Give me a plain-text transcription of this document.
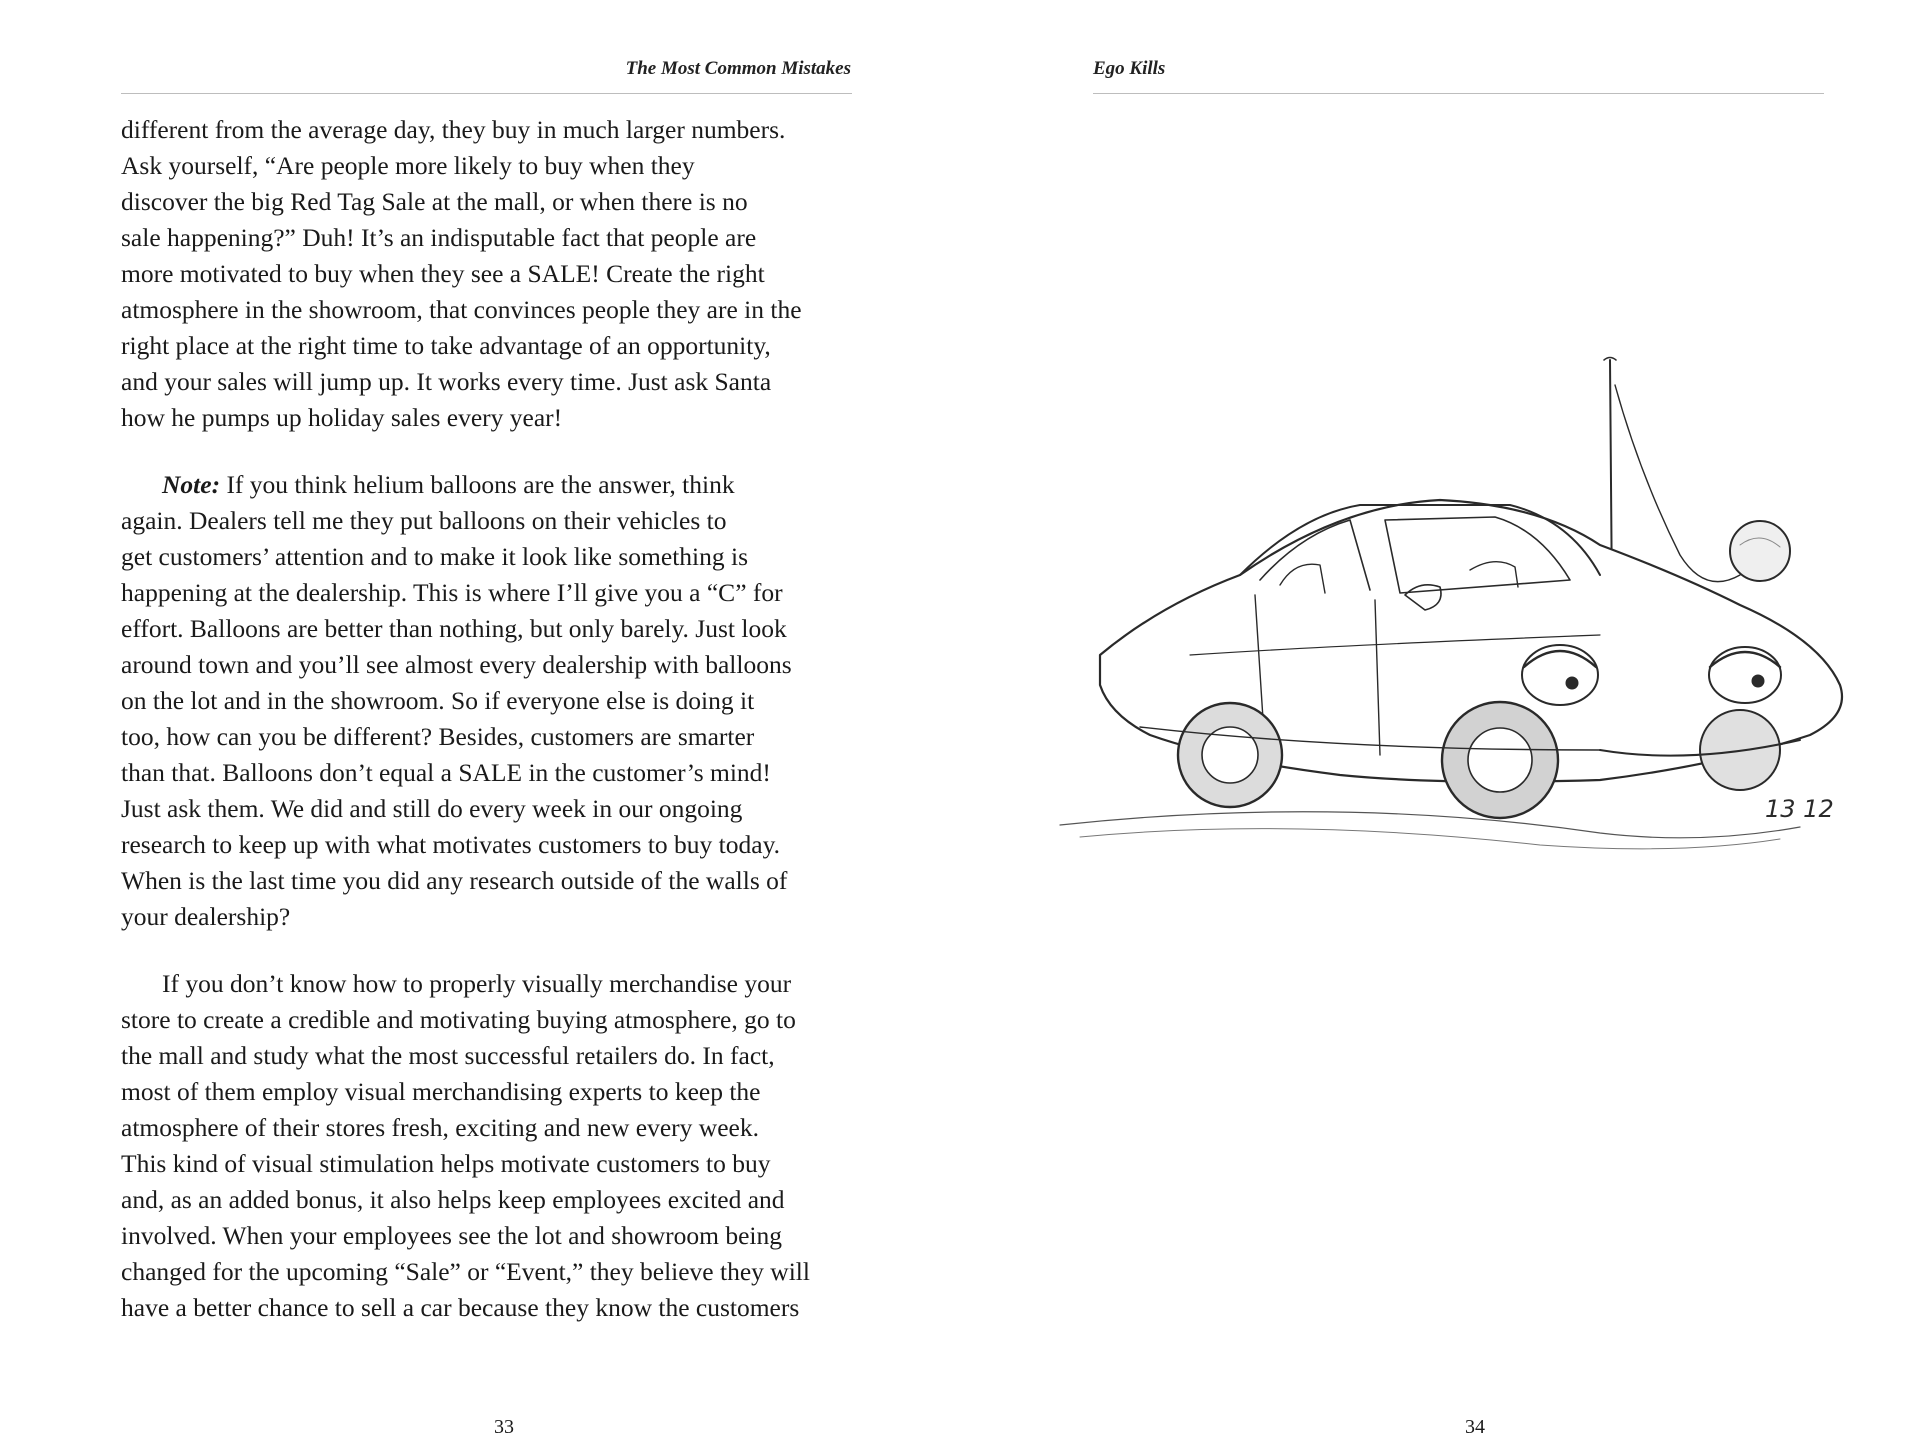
The Most Common Mistakes

different from the average day, they buy in much larger numbers.

Ask yourself, “Are people more likely to buy when they

discover the big Red Tag Sale at the mall, or when there is no

sale happening?” Duh! It’s an indisputable fact that people are

more motivated to buy when they see a SALE! Create the right

atmosphere in the showroom, that convinces people they are in the

right place at the right time to take advantage of an opportunity,

and your sales will jump up. It works every time. Just ask Santa

how he pumps up holiday sales every year!

Note: If you think helium balloons are the answer, think

again. Dealers tell me they put balloons on their vehicles to

get customers’ attention and to make it look like something is

happening at the dealership. This is where I’ll give you a “C” for

effort. Balloons are better than nothing, but only barely. Just look

around town and you’ll see almost every dealership with balloons

on the lot and in the showroom. So if everyone else is doing it

too, how can you be different? Besides, customers are smarter

than that. Balloons don’t equal a SALE in the customer’s mind!

Just ask them. We did and still do every week in our ongoing

research to keep up with what motivates customers to buy today.

When is the last time you did any research outside of the walls of

your dealership?

If you don’t know how to properly visually merchandise your

store to create a credible and motivating buying atmosphere, go to

the mall and study what the most successful retailers do. In fact,

most of them employ visual merchandising experts to keep the

atmosphere of their stores fresh, exciting and new every week.

This kind of visual stimulation helps motivate customers to buy

and, as an added bonus, it also helps keep employees excited and

involved. When your employees see the lot and showroom being

changed for the upcoming “Sale” or “Event,” they believe they will

have a better chance to sell a car because they know the customers

33
Ego Kills
13 12
34
